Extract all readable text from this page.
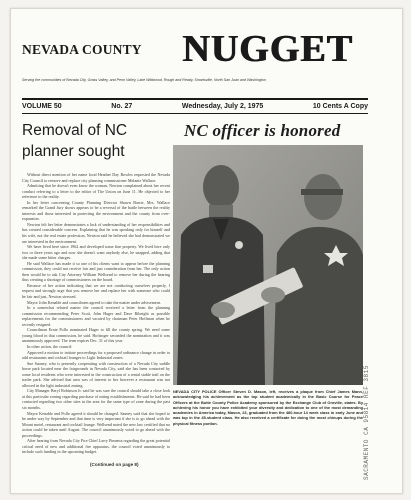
NEVADA COUNTY NUGGET
Serving the communities of Nevada City, Grass Valley, and Penn Valley, Lake Wildwood, Rough and Ready, Smartsville, North San Juan and Washington
VOLUME 50	No. 27	Wednesday, July 2, 1975	10 Cents A Copy
Removal of NC planner sought
NC officer is honored

Without direct mention of her name local Heather Day Rowles requested the Nevada City Council to remove and replace city planning commissioner Melanie Wallace.

Admitting that he doesn't even know the woman, Newton complained about her recent conduct referring to a letter to the editor of The Union on June 11. He objected to her reference to the reality.

In her letter concerning County Planning Director Shawn Barrie, Mrs. Wallace remarked the Grand Jury shows appears to be a reversal of the battle between the reality interests and those interested in protecting the environment and the county from over-expansion.

Newton felt her letter demonstrates a lack of understanding of her responsibilities and has created considerable concern. Explaining that he was speaking only for himself and his wife, not the real estate profession, Newton said he believed she had demonstrated we are interested in the environment.

We have lived here since 1962 and developed some fine property. We lived here only two or three years ago and now she doesn't want anybody else, he snapped, adding that she made some bitter charges.

He said Wallace has made it so one of his clients want to appear before the planning commission, they could not receive fair and just consideration from her. The only action then would be to ask City Attorney William Wellsend to remove her during the hearing thus creating a shortage of commissioners on the board.

Because of her action indicating that we are not conducting ourselves properly, I request and strongly urge that you remove her and replace her with someone who could be fair and just, Newton stressed.

Mayor John Kenable and councilmen agreed to take the matter under advisement.

In a somewhat related matter the council received a letter from the planning commission recommending Peter Scott, John Hager and Dave Ribeighi as possible replacements for the commissioners and vacated by chairman Peter Hoffman when he recently resigned.

Councilman Ernie Pollo nominated Hager to fill the county spring. We need some young blood in that commission, he said. Hofsinger seconded the nomination and it was unanimously approved. The term expires Dec. 31 of this year.

In other action, the council:

Approved a motion to initiate proceedings for a proposed ordinance change in order to add restaurants and cocktail lounges to Light Industrial zones.

Sue Sauney, who is presently cooperating with construction of a Nevada City saddle horse park located near the fairgrounds in Nevada City, said she has been contacted by some local residents who were interested in the construction of a rental stable trail on the trailer park. She advised that area was of interest to her however a restaurant was not allowed in the light industrial zoning.

City Manager Beryl Robinson Jr. said he was sure the council should take a close look at this particular zoning regarding purchase of eating establishments. He said he had been contacted regarding two other sites in the area for the same type of zone during the past six months.

Mayor Kenable and Pollo agreed it should be changed. Sauney said that she hoped to be under way by September and that time is very important if she is to go ahead with the Mount motel, restaurant and cocktail lounge. Wellsend noted the new law certified that no action could be taken until August. The council unanimously voted to go ahead with the proceedings.

After hearing from Nevada City Fire Chief Larry Pimenta regarding the great potential critical need of new and additional fire apparatus, the council voted unanimously to include such funding in the upcoming budget.

(Continued on page 8)	SACRAMENTO CA 95814 REF 3815
NEVADA CITY POLICE Officer Steven D. Mason, left, receives a plaque from Chief James Mann, acknowledging his achievement as the top student academically in the Basic Course for Peace Officers at the Butte County Police Academy sponsored by the Exchange Club of Oroville, states. By achieving his honor you have exhibited your diversity and dedication to one of the most demanding academies in America today, Mason, 23, graduated from the 480-hour 14 week class in early June and was top in the 45-student class. He also received a certificate for doing the most chinups during the physical fitness portion.
